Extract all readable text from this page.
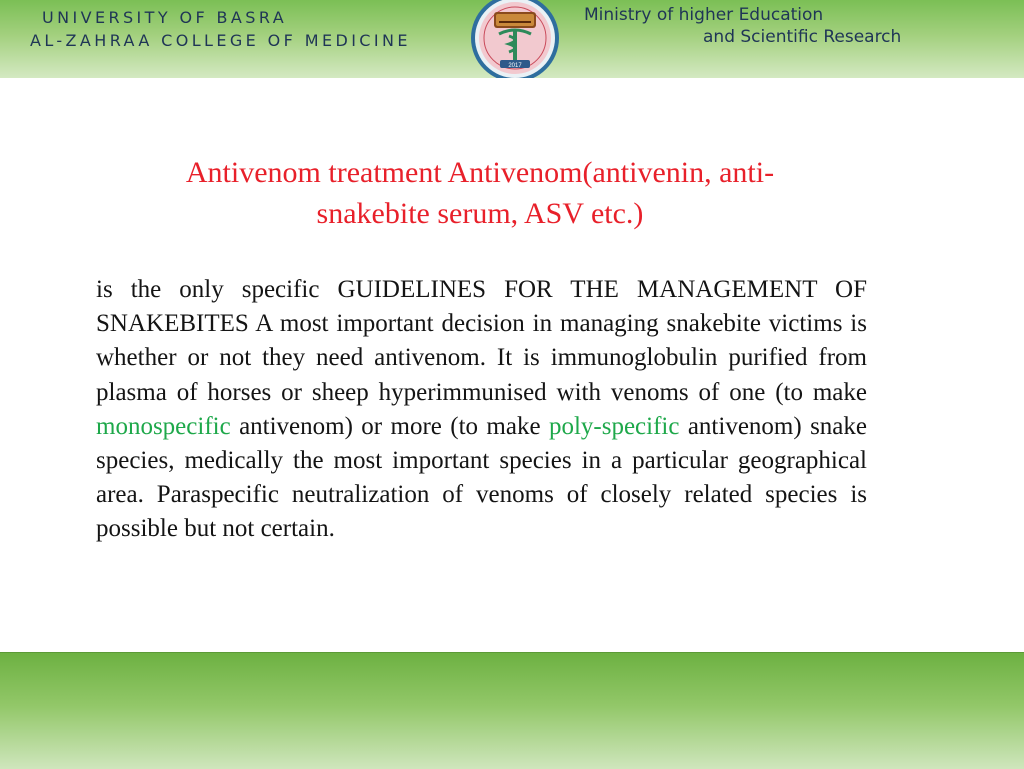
UNIVERSITY OF BASRA
AL-ZAHRAA COLLEGE OF MEDICINE
2017
Ministry of higher Education
and Scientific Research
Antivenom treatment Antivenom(antivenin, anti-snakebite serum, ASV etc.)
is the only specific GUIDELINES FOR THE MANAGEMENT OF SNAKEBITES A most important decision in managing snakebite victims is whether or not they need antivenom. It is immunoglobulin purified from plasma of horses or sheep hyperimmunised with venoms of one (to make monospecific antivenom) or more (to make poly-specific antivenom) snake species, medically the most important species in a particular geographical area. Paraspecific neutralization of venoms of closely related species is possible but not certain.
